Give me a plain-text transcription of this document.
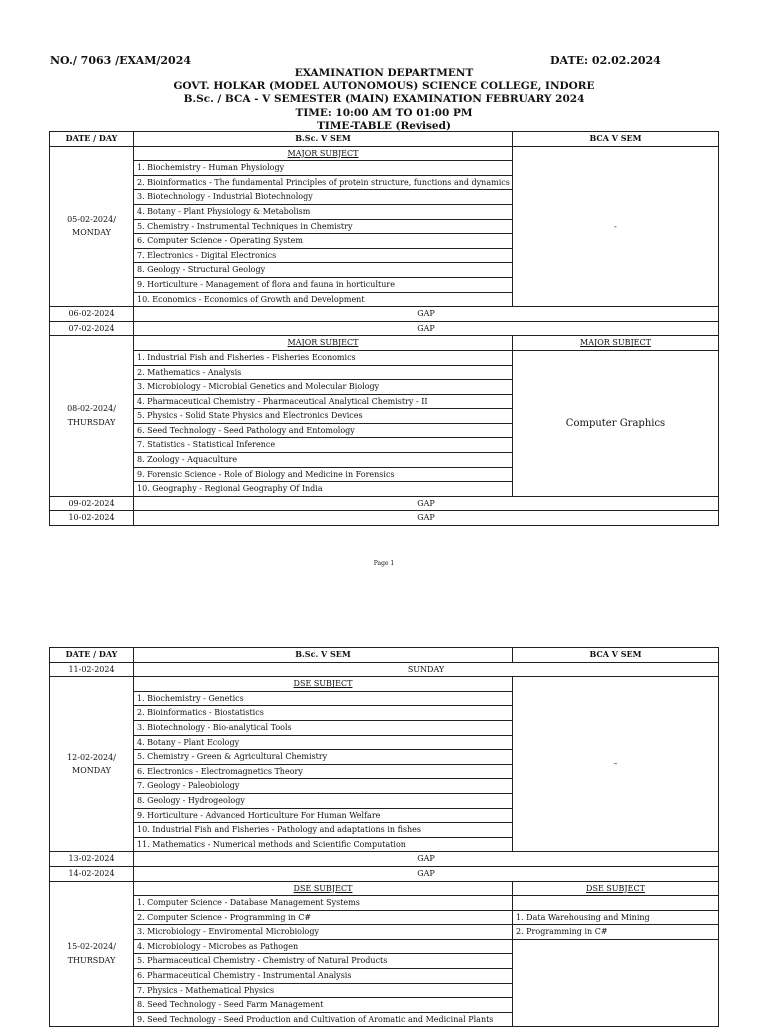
NO./ 7063 /EXAM/2024	DATE: 02.02.2024
EXAMINATION DEPARTMENT
GOVT. HOLKAR (MODEL AUTONOMOUS) SCIENCE COLLEGE, INDORE
B.Sc. / BCA - V SEMESTER (MAIN) EXAMINATION FEBRUARY 2024
TIME: 10:00 AM TO 01:00 PM
TIME-TABLE (Revised)
DATE / DAY	B.Sc. V SEM	BCA V SEM
05-02-2024/
MONDAY	MAJOR SUBJECT	-
	1. Biochemistry - Human Physiology	
	2. Bioinformatics - The fundamental Principles of protein structure, functions and dynamics	
	3. Biotechnology - Industrial Biotechnology	
	4. Botany - Plant Physiology & Metabolism	
	5. Chemistry - Instrumental Techniques in Chemistry	
	6. Computer Science - Operating System	
	7. Electronics - Digital Electronics	
	8. Geology - Structural Geology	
	9. Horticulture - Management of flora and fauna in horticulture	
	10. Economics - Economics of Growth and Development	
06-02-2024	GAP	
07-02-2024	GAP	
08-02-2024/
THURSDAY	MAJOR SUBJECT	MAJOR SUBJECT
	1. Industrial Fish and Fisheries - Fisheries Economics	Computer Graphics
	2. Mathematics - Analysis	
	3. Microbiology - Microbial Genetics and Molecular Biology	
	4. Pharmaceutical Chemistry - Pharmaceutical Analytical Chemistry - II	
	5. Physics - Solid State Physics and Electronics Devices	
	6. Seed Technology - Seed Pathology and Entomology	
	7. Statistics - Statistical Inference	
	8. Zoology - Aquaculture	
	9. Forensic Science - Role of Biology and Medicine in Forensics	
	10. Geography - Regional Geography Of India	
09-02-2024	GAP	
10-02-2024	GAP	
Page 1
DATE / DAY	B.Sc. V SEM	BCA V SEM
11-02-2024	SUNDAY	
12-02-2024/
MONDAY	DSE SUBJECT	–
	1. Biochemistry - Genetics	
	2. Bioinformatics - Biostatistics	
	3. Biotechnology - Bio-analytical Tools	
	4. Botany - Plant Ecology	
	5. Chemistry - Green & Agricultural Chemistry	
	6. Electronics - Electromagnetics Theory	
	7. Geology - Paleobiology	
	8. Geology - Hydrogeology	
	9. Horticulture - Advanced Horticulture For Human Welfare	
	10. Industrial Fish and Fisheries - Pathology and adaptations in fishes	
	11. Mathematics - Numerical methods and Scientific Computation	
13-02-2024	GAP	
14-02-2024	GAP	
15-02-2024/
THURSDAY	DSE SUBJECT	DSE SUBJECT
	1. Computer Science - Database Management Systems	
	2. Computer Science - Programming in C#	1. Data Warehousing and Mining
	3. Microbiology - Enviromental Microbiology	2. Programming in C#
	4. Microbiology - Microbes as Pathogen	
	5. Pharmaceutical Chemistry - Chemistry of Natural Products	
	6. Pharmaceutical Chemistry - Instrumental Analysis	
	7. Physics - Mathematical Physics	
	8. Seed Technology - Seed Farm Management	
	9. Seed Technology - Seed Production and Cultivation of Aromatic and Medicinal Plants	
